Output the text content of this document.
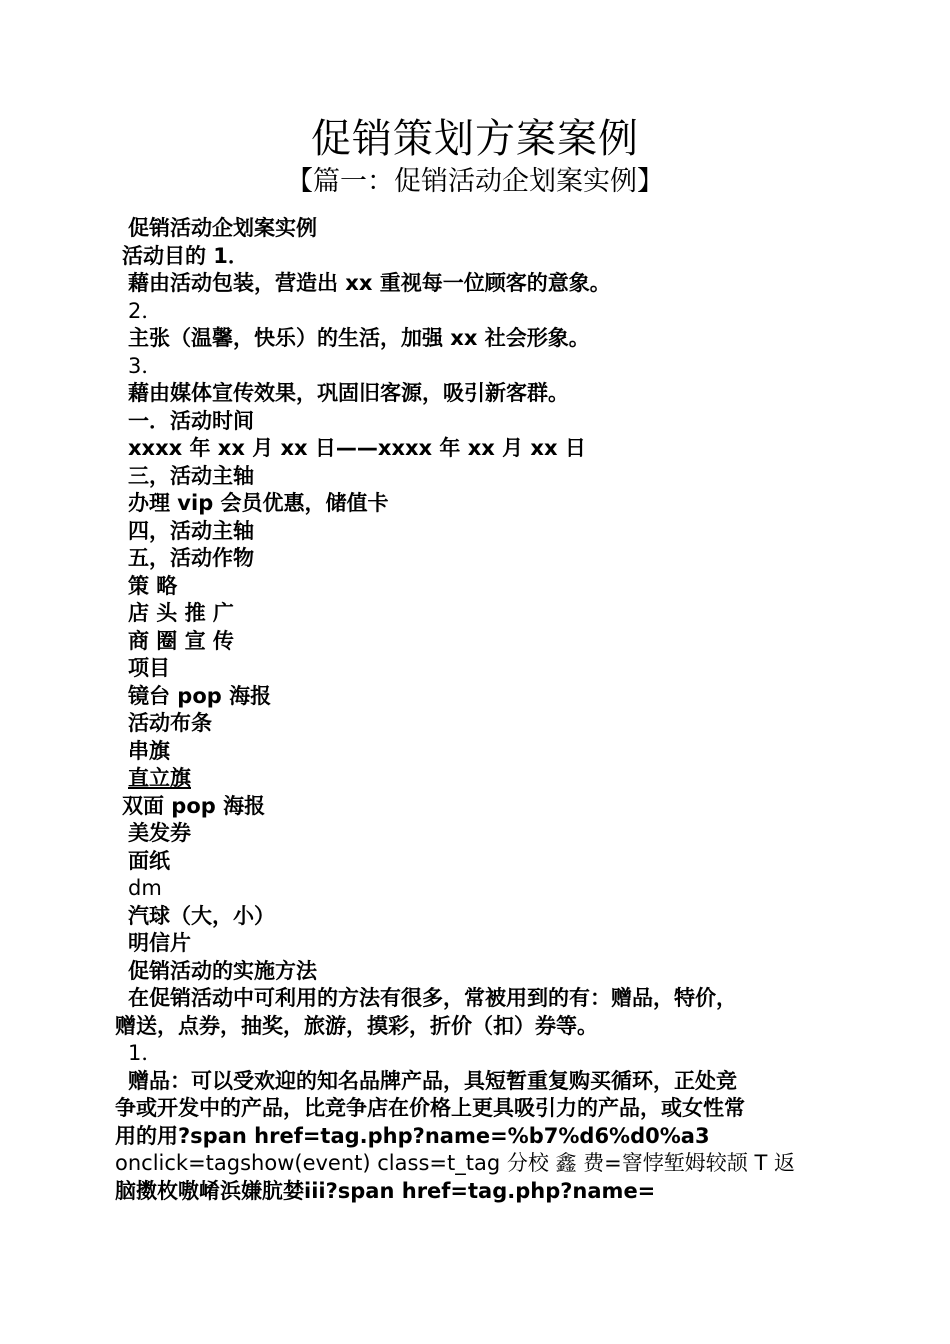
促销策划方案案例
【篇一：促销活动企划案实例】
促销活动企划案实例
活动目的 1．
藉由活动包装，营造出 xx 重视每一位顾客的意象。
2．
主张（温馨，快乐）的生活，加强 xx 社会形象。
3．
藉由媒体宣传效果，巩固旧客源，吸引新客群。
一．活动时间
xxxx 年 xx 月 xx 日——xxxx 年 xx 月 xx 日
三，活动主轴
办理 vip 会员优惠，储值卡
四，活动主轴
五，活动作物
策 略
店 头 推 广
商 圈 宣 传
项目
镜台 pop 海报
活动布条
串旗
直立旗
双面 pop 海报
美发券
面纸
dm
汽球（大，小）
明信片
促销活动的实施方法
在促销活动中可利用的方法有很多，常被用到的有：赠品，特价，
赠送，点券，抽奖，旅游，摸彩，折价（扣）券等。
1．
赠品：可以受欢迎的知名品牌产品，具短暂重复购买循环，正处竞
争或开发中的产品，比竞争店在价格上更具吸引力的产品，或女性常
用的用?span href=tag.php?name=%b7%d6%d0%a3
onclick=tagshow(event) class=t_tag 分校 鑫 费=窨悖堑姆较颉 T 返
脑擞枚嗷崤浜嫌肮婪iii?span href=tag.php?name=
